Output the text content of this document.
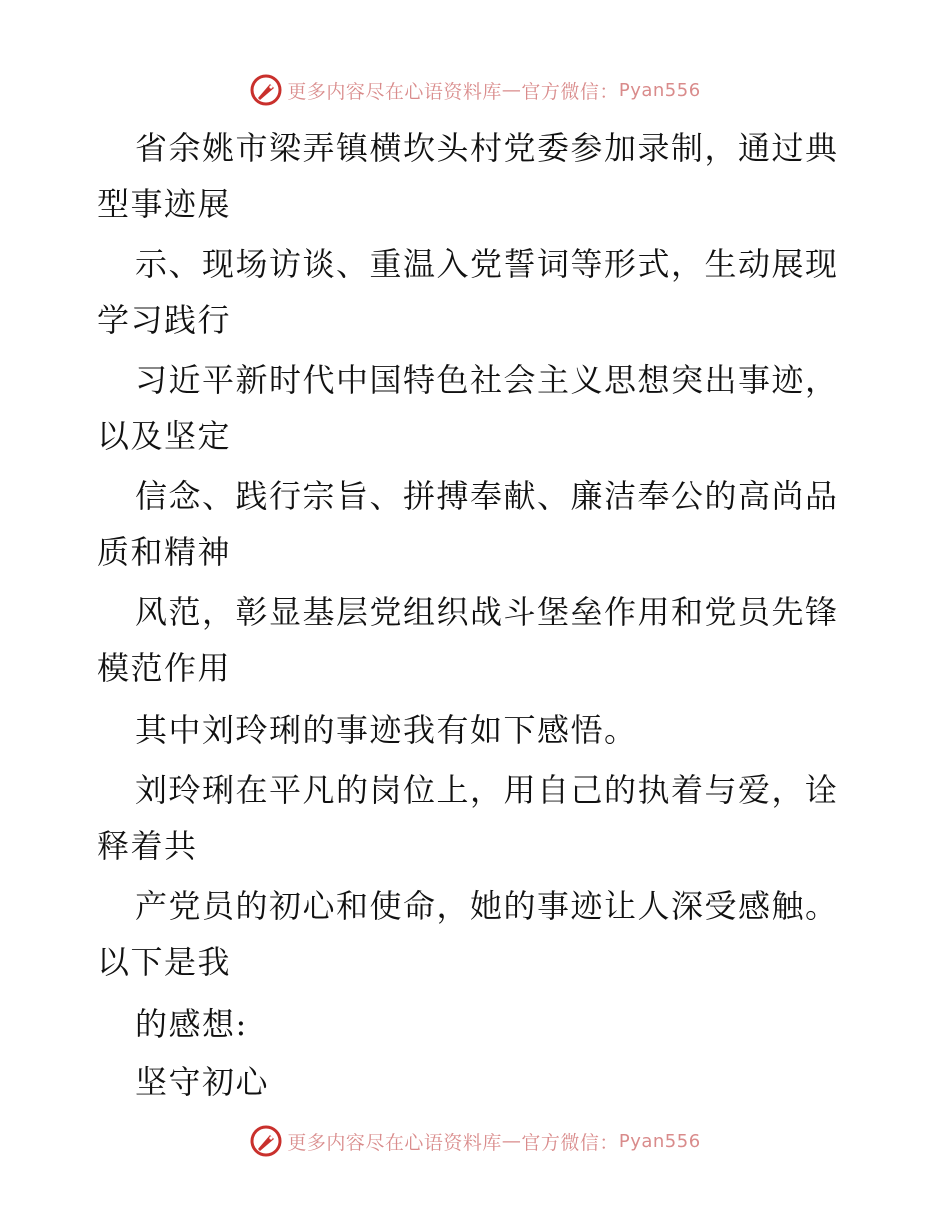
更多内容尽在心语资料库 — 官方微信： Pyan556
省余姚市梁弄镇横坎头村党委参加录制，通过典
型事迹展
示、现场访谈、重温入党誓词等形式，生动展现
学习践行
习近平新时代中国特色社会主义思想突出事迹，
以及坚定
信念、践行宗旨、拼搏奉献、廉洁奉公的高尚品
质和精神
风范，彰显基层党组织战斗堡垒作用和党员先锋
模范作用
其中刘玲琍的事迹我有如下感悟。
刘玲琍在平凡的岗位上，用自己的执着与爱，诠
释着共
产党员的初心和使命，她的事迹让人深受感触。
以下是我
的感想:
坚守初心
更多内容尽在心语资料库 — 官方微信： Pyan556
